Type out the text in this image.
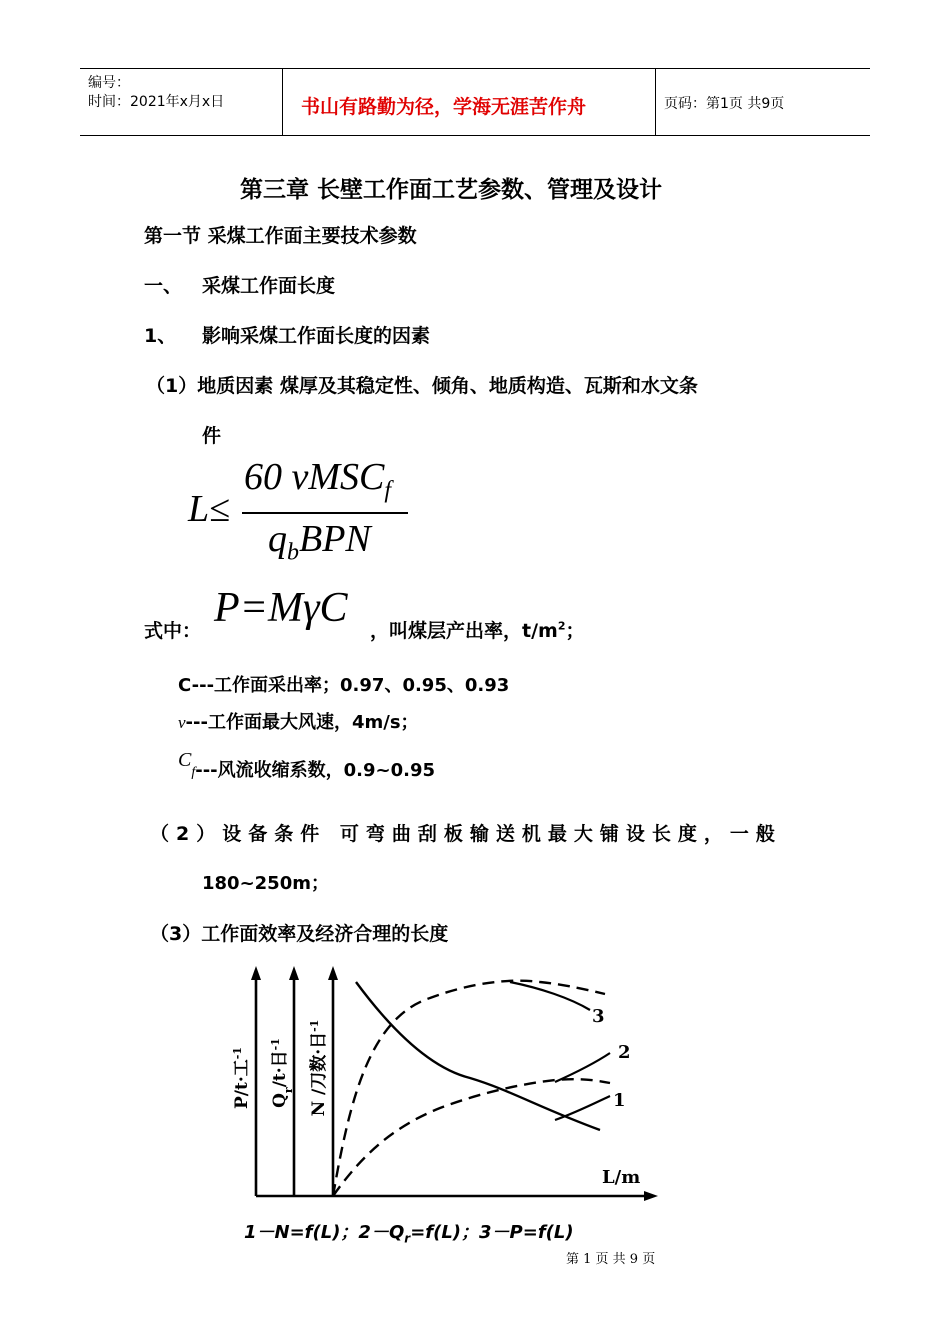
编号：
时间：2021年x月x日	书山有路勤为径，学海无涯苦作舟	页码：第1页 共9页
第三章 长壁工作面工艺参数、管理及设计
第一节 采煤工作面主要技术参数
一、 采煤工作面长度
1、 影响采煤工作面长度的因素
（1）地质因素 煤厚及其稳定性、倾角、地质构造、瓦斯和水文条
件
L≤
60 vMSC$_f$
$q_bBPN$
式中： P=MγC ，叫煤层产出率，$t/m^2$；
C---工作面采出率；0.97、0.95、0.93
v---工作面最大风速，4m/s；
$C_f---$风流收缩系数，0.9~0.95
（2）设备条件 可弯曲刮板输送机最大铺设长度，一般
180~250m；
（3）工作面效率及经济合理的长度
P/t·工$^{-1}$
$Q_r/t\cdot$日$^{-1}$	N /刀数·日$^{-1}$
L/m
3
2
1
1－N=f(L)；$2-Q_r=f(L)$；3－P=f(L)
第 1 页 共 9 页
